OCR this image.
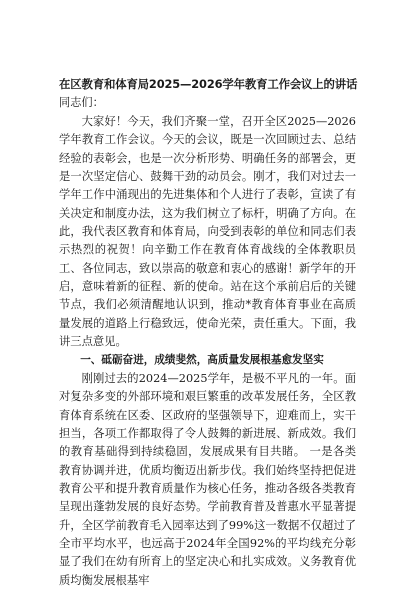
在区教育和体育局2025—2026学年教育工作会议上的讲话
同志们：

大家好！今天，我们齐聚一堂，召开全区2025—2026学年教育工作会议。今天的会议，既是一次回顾过去、总结经验的表彰会，也是一次分析形势、明确任务的部署会，更是一次坚定信心、鼓舞干劲的动员会。刚才，我们对过去一学年工作中涌现出的先进集体和个人进行了表彰，宣读了有关决定和制度办法，这为我们树立了标杆，明确了方向。在此，我代表区教育和体育局，向受到表彰的单位和同志们表示热烈的祝贺！向辛勤工作在教育体育战线的全体教职员工、各位同志，致以崇高的敬意和衷心的感谢！新学年的开启，意味着新的征程、新的使命。站在这个承前启后的关键节点，我们必须清醒地认识到，推动*教育体育事业在高质量发展的道路上行稳致远，使命光荣，责任重大。下面，我讲三点意见。

一、砥砺奋进，成绩斐然，高质量发展根基愈发坚实

刚刚过去的2024—2025学年，是极不平凡的一年。面对复杂多变的外部环境和艰巨繁重的改革发展任务，全区教育体育系统在区委、区政府的坚强领导下，迎难而上，实干担当，各项工作都取得了令人鼓舞的新进展、新成效。我们的教育基础得到持续稳固，发展成果有目共睹。 一是各类教育协调并进，优质均衡迈出新步伐。我们始终坚持把促进教育公平和提升教育质量作为核心任务，推动各级各类教育呈现出蓬勃发展的良好态势。学前教育普及普惠水平显著提升，全区学前教育毛入园率达到了99%这一数据不仅超过了全市平均水平，也远高于2024年全国92%的平均线充分彰显了我们在幼有所育上的坚定决心和扎实成效。义务教育优质均衡发展根基牢
